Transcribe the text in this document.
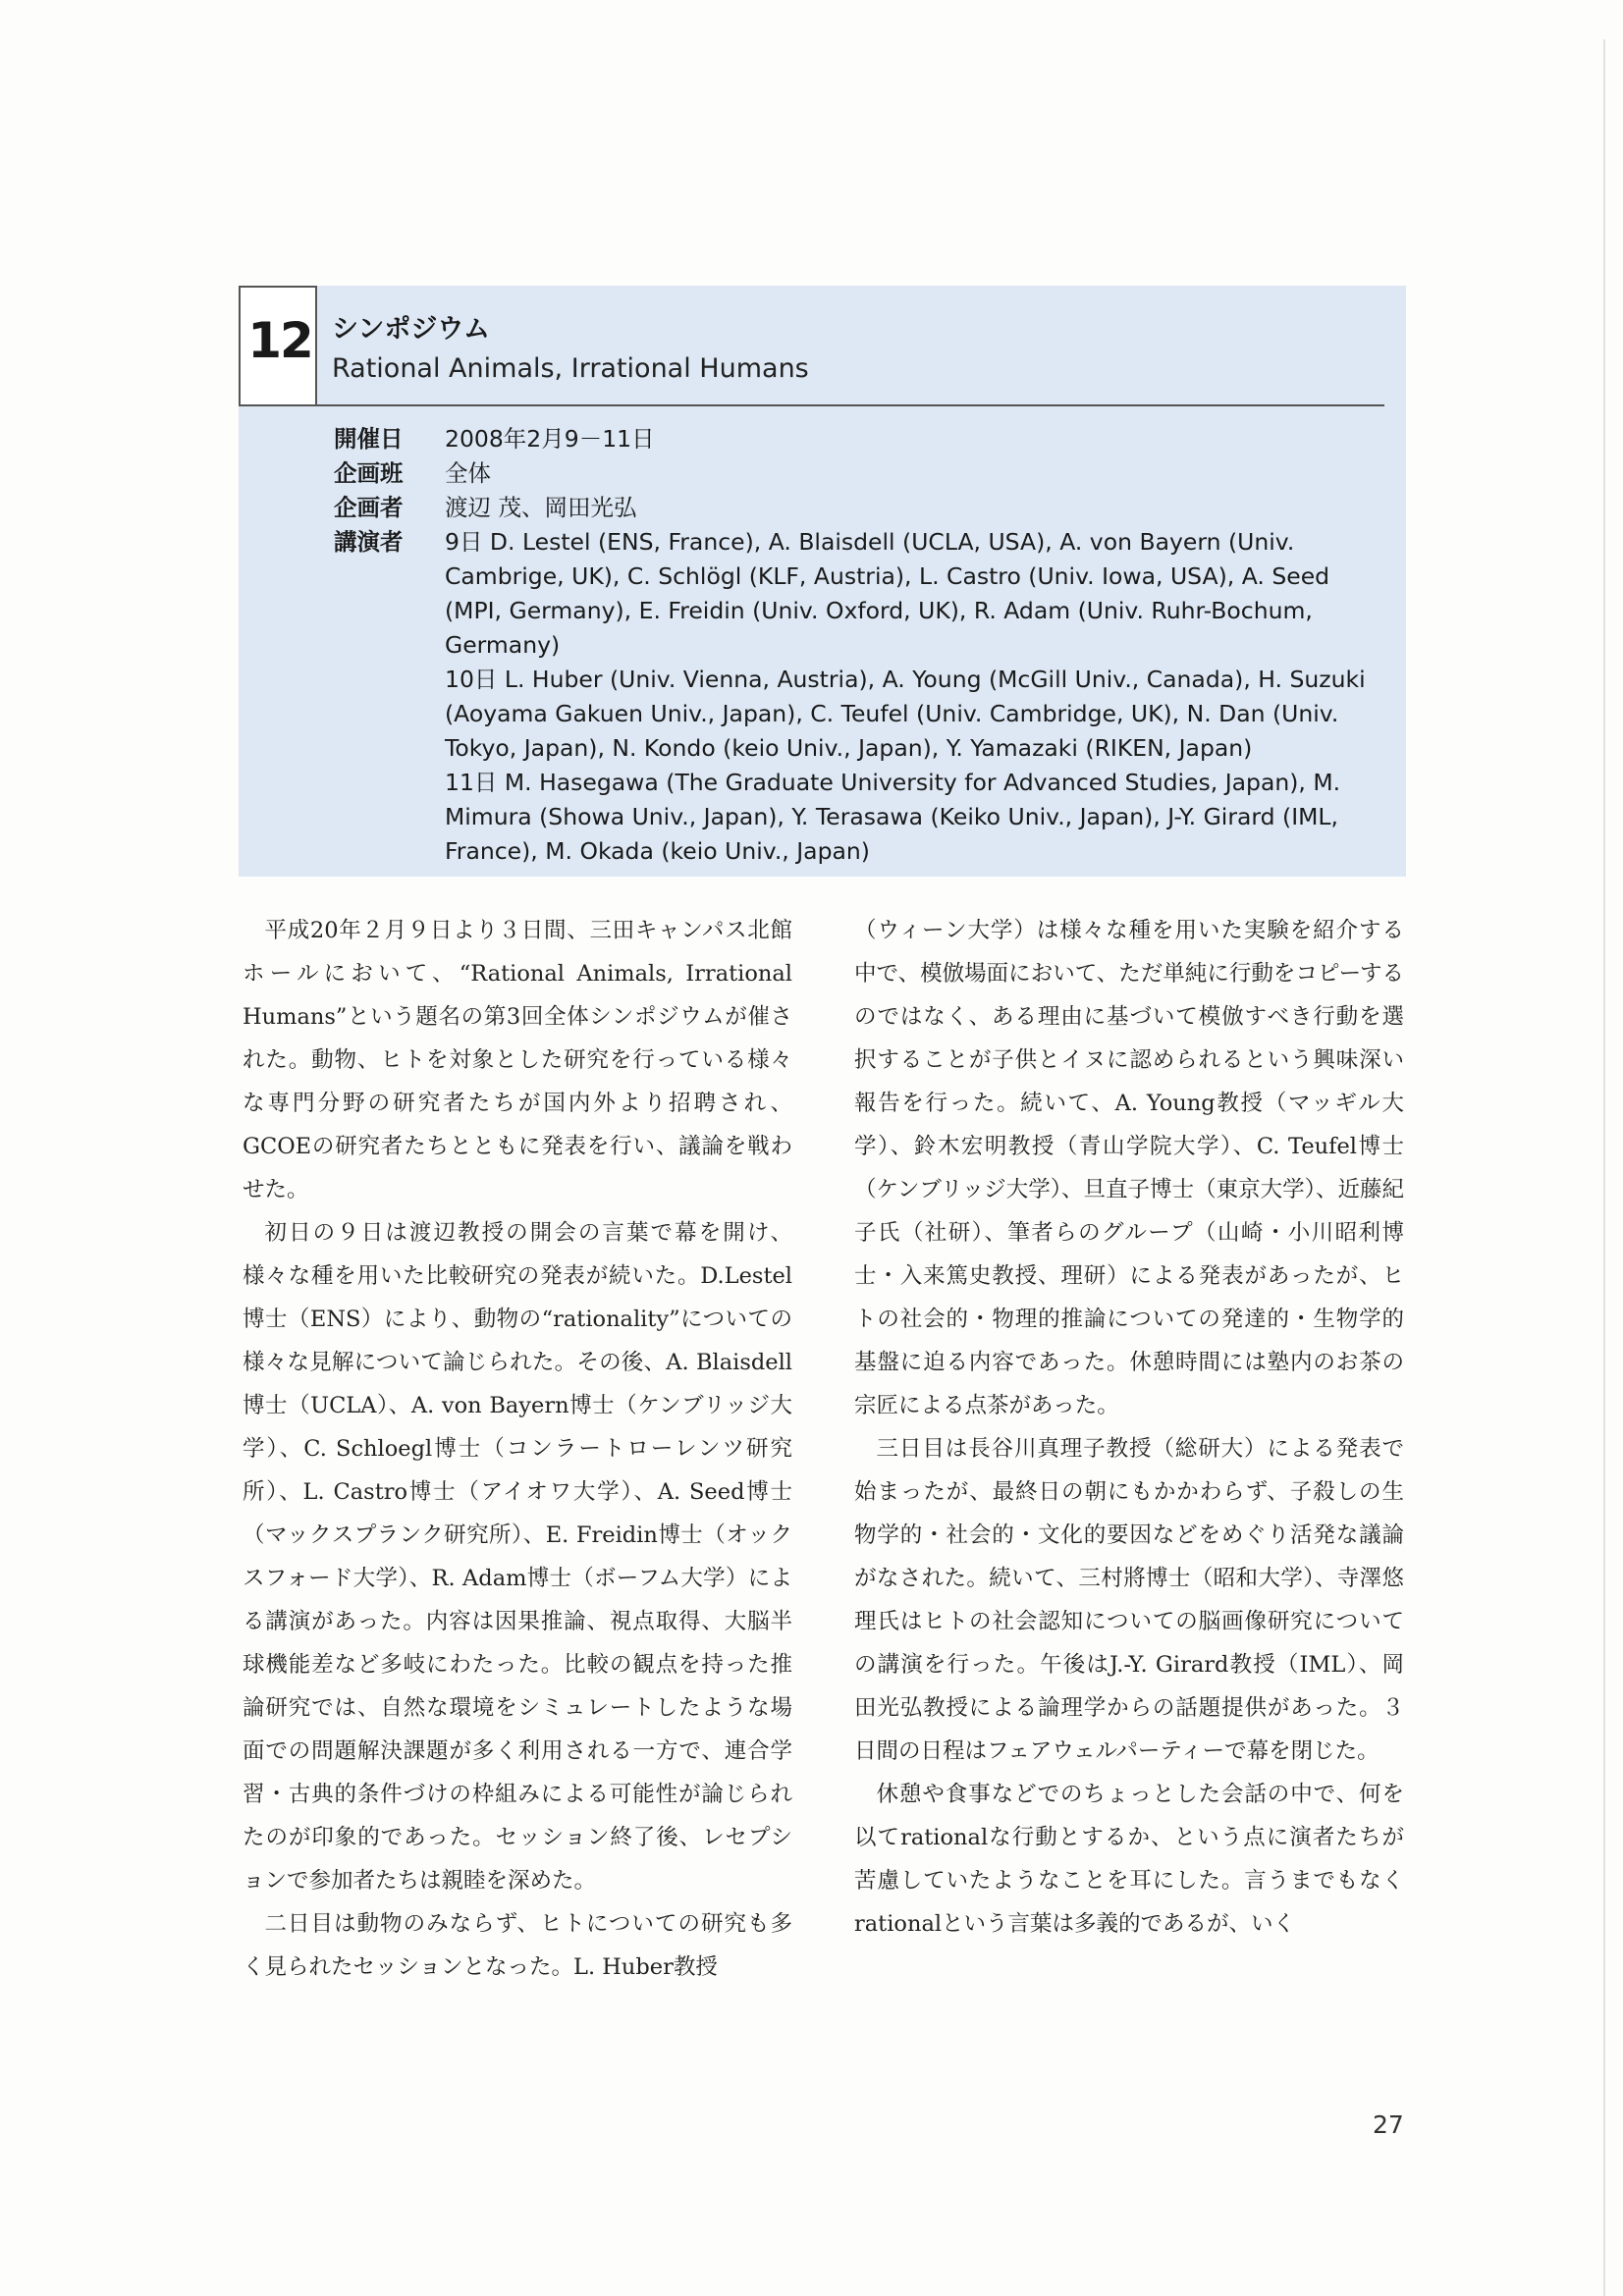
12 シンポジウム
Rational Animals, Irrational Humans
開催日	2008年2月9－11日
企画班	全体
企画者	渡辺 茂、岡田光弘
講演者	9日 D. Lestel (ENS, France), A. Blaisdell (UCLA, USA), A. von Bayern (Univ. Cambrige, UK), C. Schlögl (KLF, Austria), L. Castro (Univ. Iowa, USA), A. Seed (MPI, Germany), E. Freidin (Univ. Oxford, UK), R. Adam (Univ. Ruhr-Bochum, Germany)
10日 L. Huber (Univ. Vienna, Austria), A. Young (McGill Univ., Canada), H. Suzuki (Aoyama Gakuen Univ., Japan), C. Teufel (Univ. Cambridge, UK), N. Dan (Univ. Tokyo, Japan), N. Kondo (keio Univ., Japan), Y. Yamazaki (RIKEN, Japan)
11日 M. Hasegawa (The Graduate University for Advanced Studies, Japan), M. Mimura (Showa Univ., Japan), Y. Terasawa (Keiko Univ., Japan), J-Y. Girard (IML, France), M. Okada (keio Univ., Japan)

平成20年２月９日より３日間、三田キャンパス北館ホールにおいて、“Rational Animals, Irrational Humans”という題名の第3回全体シンポジウムが催された。動物、ヒトを対象とした研究を行っている様々な専門分野の研究者たちが国内外より招聘され、GCOEの研究者たちとともに発表を行い、議論を戦わせた。

初日の９日は渡辺教授の開会の言葉で幕を開け、様々な種を用いた比較研究の発表が続いた。D.Lestel博士（ENS）により、動物の“rationality”についての様々な見解について論じられた。その後、A. Blaisdell博士（UCLA）、A. von Bayern博士（ケンブリッジ大学）、C. Schloegl博士（コンラートローレンツ研究所）、L. Castro博士（アイオワ大学）、A. Seed博士（マックスプランク研究所）、E. Freidin博士（オックスフォード大学）、R. Adam博士（ボーフム大学）による講演があった。内容は因果推論、視点取得、大脳半球機能差など多岐にわたった。比較の観点を持った推論研究では、自然な環境をシミュレートしたような場面での問題解決課題が多く利用される一方で、連合学習・古典的条件づけの枠組みによる可能性が論じられたのが印象的であった。セッション終了後、レセプションで参加者たちは親睦を深めた。

二日目は動物のみならず、ヒトについての研究も多く見られたセッションとなった。L. Huber教授

（ウィーン大学）は様々な種を用いた実験を紹介する中で、模倣場面において、ただ単純に行動をコピーするのではなく、ある理由に基づいて模倣すべき行動を選択することが子供とイヌに認められるという興味深い報告を行った。続いて、A. Young教授（マッギル大学）、鈴木宏明教授（青山学院大学）、C. Teufel博士（ケンブリッジ大学）、旦直子博士（東京大学）、近藤紀子氏（社研）、筆者らのグループ（山崎・小川昭利博士・入来篤史教授、理研）による発表があったが、ヒトの社会的・物理的推論についての発達的・生物学的基盤に迫る内容であった。休憩時間には塾内のお茶の宗匠による点茶があった。

三日目は長谷川真理子教授（総研大）による発表で始まったが、最終日の朝にもかかわらず、子殺しの生物学的・社会的・文化的要因などをめぐり活発な議論がなされた。続いて、三村將博士（昭和大学）、寺澤悠理氏はヒトの社会認知についての脳画像研究についての講演を行った。午後はJ.-Y. Girard教授（IML）、岡田光弘教授による論理学からの話題提供があった。３日間の日程はフェアウェルパーティーで幕を閉じた。

休憩や食事などでのちょっとした会話の中で、何を以てrationalな行動とするか、という点に演者たちが苦慮していたようなことを耳にした。言うまでもなくrationalという言葉は多義的であるが、いく

27
